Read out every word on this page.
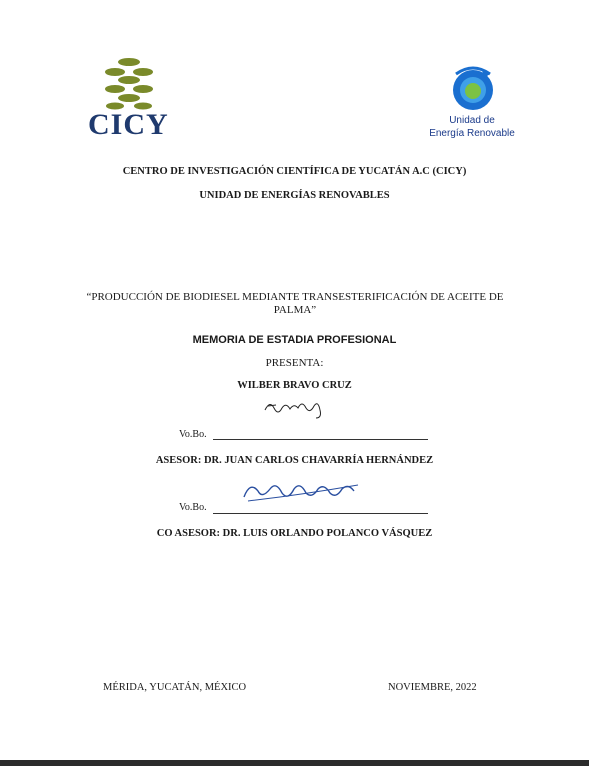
CICY	Unidad de
Energía Renovable
CENTRO DE INVESTIGACIÓN CIENTÍFICA DE YUCATÁN A.C (CICY)
UNIDAD DE ENERGÍAS RENOVABLES
“PRODUCCIÓN DE BIODIESEL MEDIANTE TRANSESTERIFICACIÓN DE ACEITE DE
PALMA”
MEMORIA DE ESTADIA PROFESIONAL
PRESENTA:
WILBER BRAVO CRUZ
Vo.Bo.
ASESOR: DR. JUAN CARLOS CHAVARRÍA HERNÁNDEZ
Vo.Bo.
CO ASESOR: DR. LUIS ORLANDO POLANCO VÁSQUEZ
MÉRIDA, YUCATÁN, MÉXICO	NOVIEMBRE, 2022
